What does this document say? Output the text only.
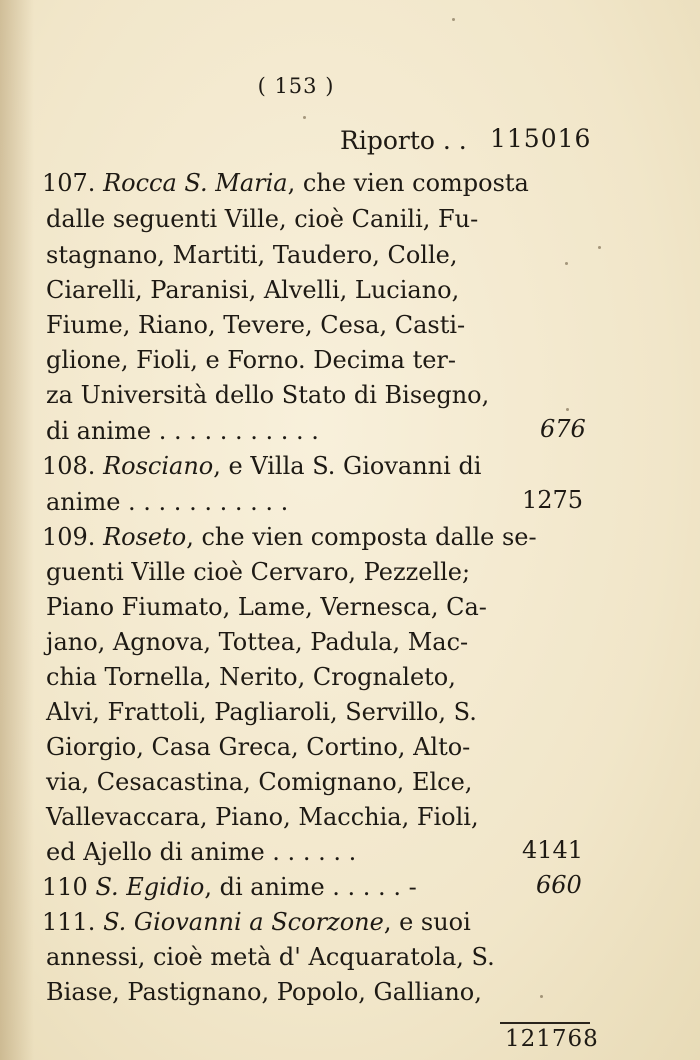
( 153 )
Riporto . . 115016
107. Rocca S. Maria, che vien composta
dalle seguenti Ville, cioè Canili, Fu-
stagnano, Martiti, Taudero, Colle,
Ciarelli, Paranisi, Alvelli, Luciano,
Fiume, Riano, Tevere, Cesa, Casti-
glione, Fioli, e Forno. Decima ter-
za Università dello Stato di Bisegno,
di anime . . . . . . . . . . .
108. Rosciano, e Villa S. Giovanni di
anime . . . . . . . . . . .
109. Roseto, che vien composta dalle se-
guenti Ville cioè Cervaro, Pezzelle;
Piano Fiumato, Lame, Vernesca, Ca-
jano, Agnova, Tottea, Padula, Mac-
chia Tornella, Nerito, Crognaleto,
Alvi, Frattoli, Pagliaroli, Servillo, S.
Giorgio, Casa Greca, Cortino, Alto-
via, Cesacastina, Comignano, Elce,
Vallevaccara, Piano, Macchia, Fioli,
ed Ajello di anime . . . . . .
110 S. Egidio, di anime . . . . . -
111. S. Giovanni a Scorzone, e suoi
annessi, cioè metà d' Acquaratola, S.
Biase, Pastignano, Popolo, Galliano,
676
1275
4141
660
121768
